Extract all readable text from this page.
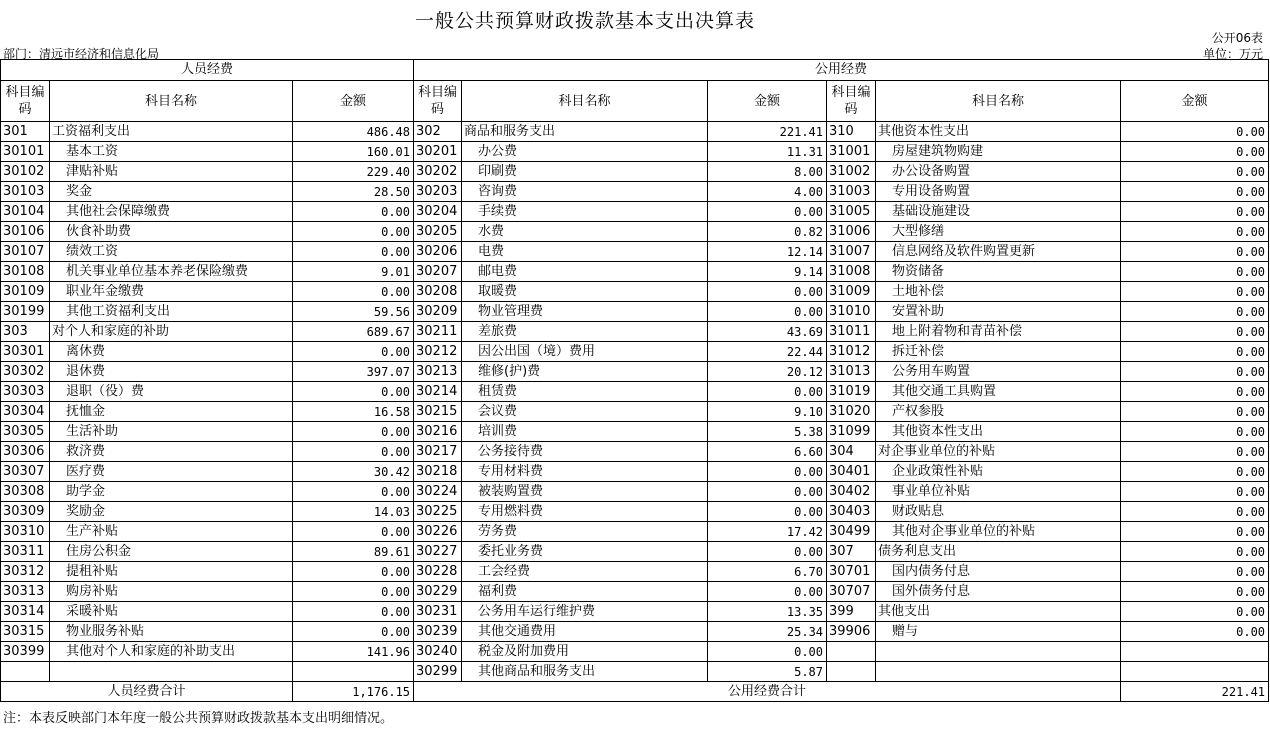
一般公共预算财政拨款基本支出决算表
公开06表
部门：清远市经济和信息化局	单位：万元
人员经费			公用经费					
科目编码	科目名称	金额	科目编码	科目名称	金额	科目编码	科目名称	金额
301	工资福利支出	486.48	302	商品和服务支出	221.41	310	其他资本性支出	0.00
30101	基本工资	160.01	30201	办公费	11.31	31001	房屋建筑物购建	0.00
30102	津贴补贴	229.40	30202	印刷费	8.00	31002	办公设备购置	0.00
30103	奖金	28.50	30203	咨询费	4.00	31003	专用设备购置	0.00
30104	其他社会保障缴费	0.00	30204	手续费	0.00	31005	基础设施建设	0.00
30106	伙食补助费	0.00	30205	水费	0.82	31006	大型修缮	0.00
30107	绩效工资	0.00	30206	电费	12.14	31007	信息网络及软件购置更新	0.00
30108	机关事业单位基本养老保险缴费	9.01	30207	邮电费	9.14	31008	物资储备	0.00
30109	职业年金缴费	0.00	30208	取暖费	0.00	31009	土地补偿	0.00
30199	其他工资福利支出	59.56	30209	物业管理费	0.00	31010	安置补助	0.00
303	对个人和家庭的补助	689.67	30211	差旅费	43.69	31011	地上附着物和青苗补偿	0.00
30301	离休费	0.00	30212	因公出国（境）费用	22.44	31012	拆迁补偿	0.00
30302	退休费	397.07	30213	维修(护)费	20.12	31013	公务用车购置	0.00
30303	退职（役）费	0.00	30214	租赁费	0.00	31019	其他交通工具购置	0.00
30304	抚恤金	16.58	30215	会议费	9.10	31020	产权参股	0.00
30305	生活补助	0.00	30216	培训费	5.38	31099	其他资本性支出	0.00
30306	救济费	0.00	30217	公务接待费	6.60	304	对企事业单位的补贴	0.00
30307	医疗费	30.42	30218	专用材料费	0.00	30401	企业政策性补贴	0.00
30308	助学金	0.00	30224	被装购置费	0.00	30402	事业单位补贴	0.00
30309	奖励金	14.03	30225	专用燃料费	0.00	30403	财政贴息	0.00
30310	生产补贴	0.00	30226	劳务费	17.42	30499	其他对企事业单位的补贴	0.00
30311	住房公积金	89.61	30227	委托业务费	0.00	307	债务利息支出	0.00
30312	提租补贴	0.00	30228	工会经费	6.70	30701	国内债务付息	0.00
30313	购房补贴	0.00	30229	福利费	0.00	30707	国外债务付息	0.00
30314	采暖补贴	0.00	30231	公务用车运行维护费	13.35	399	其他支出	0.00
30315	物业服务补贴	0.00	30239	其他交通费用	25.34	39906	赠与	0.00
30399	其他对个人和家庭的补助支出	141.96	30240	税金及附加费用	0.00			
			30299	其他商品和服务支出	5.87			
人员经费合计		1,176.15	公用经费合计					221.41
注：本表反映部门本年度一般公共预算财政拨款基本支出明细情况。
